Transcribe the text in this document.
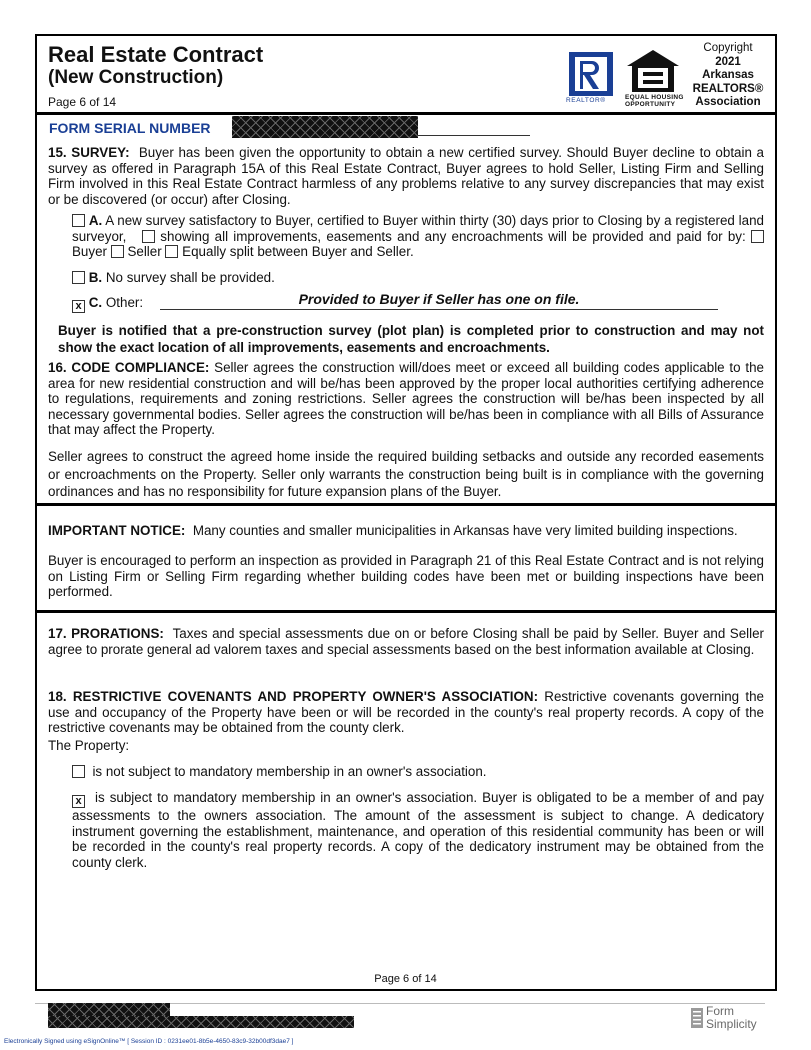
Real Estate Contract
(New Construction)
Page 6 of 14	REALTOR®	EQUAL HOUSING
OPPORTUNITY
Copyright
2021
Arkansas
REALTORS®
Association
FORM SERIAL NUMBER
15. SURVEY: Buyer has been given the opportunity to obtain a new certified survey. Should Buyer decline to obtain a survey as offered in Paragraph 15A of this Real Estate Contract, Buyer agrees to hold Seller, Listing Firm and Selling Firm involved in this Real Estate Contract harmless of any problems relative to any survey discrepancies that may exist or be discovered (or occur) after Closing.
A. A new survey satisfactory to Buyer, certified to Buyer within thirty (30) days prior to Closing by a registered land surveyor,	showing all improvements, easements and any encroachments will be provided and paid for by:  Buyer Seller Equally split between Buyer and Seller.
B. No survey shall be provided.
x C. Other:	Provided to Buyer if Seller has one on file.
Buyer is notified that a pre-construction survey (plot plan) is completed prior to construction and may not show the exact location of all improvements, easements and encroachments.
16. CODE COMPLIANCE: Seller agrees the construction will/does meet or exceed all building codes applicable to the area for new residential construction and will be/has been approved by the proper local authorities certifying adherence to regulations, requirements and zoning restrictions. Seller agrees the construction will be/has been inspected by all necessary governmental bodies. Seller agrees the construction will be/has been in compliance with all Bills of Assurance that may affect the Property.
Seller agrees to construct the agreed home inside the required building setbacks and outside any recorded easements or encroachments on the Property. Seller only warrants the construction being built is in compliance with the governing ordinances and has no responsibility for future expansion plans of the Buyer.
IMPORTANT NOTICE: Many counties and smaller municipalities in Arkansas have very limited building inspections.
Buyer is encouraged to perform an inspection as provided in Paragraph 21 of this Real Estate Contract and is not relying on Listing Firm or Selling Firm regarding whether building codes have been met or building inspections have been performed.
17. PRORATIONS: Taxes and special assessments due on or before Closing shall be paid by Seller. Buyer and Seller agree to prorate general ad valorem taxes and special assessments based on the best information available at Closing.
18. RESTRICTIVE COVENANTS AND PROPERTY OWNER'S ASSOCIATION: Restrictive covenants governing the use and occupancy of the Property have been or will be recorded in the county's real property records. A copy of the restrictive covenants may be obtained from the county clerk.
The Property:
is not subject to mandatory membership in an owner's association.
x is subject to mandatory membership in an owner's association. Buyer is obligated to be a member of and pay assessments to the owners association. The amount of the assessment is subject to change. A dedicatory instrument governing the establishment, maintenance, and operation of this residential community has been or will be recorded in the county's real property records. A copy of the dedicatory instrument may be obtained from the county clerk.
Page 6 of 14
Form
Simplicity
Electronically Signed using eSignOnline™ [ Session ID : 0231ee01-8b5e-4650-83c9-32b00df3dae7 ]
